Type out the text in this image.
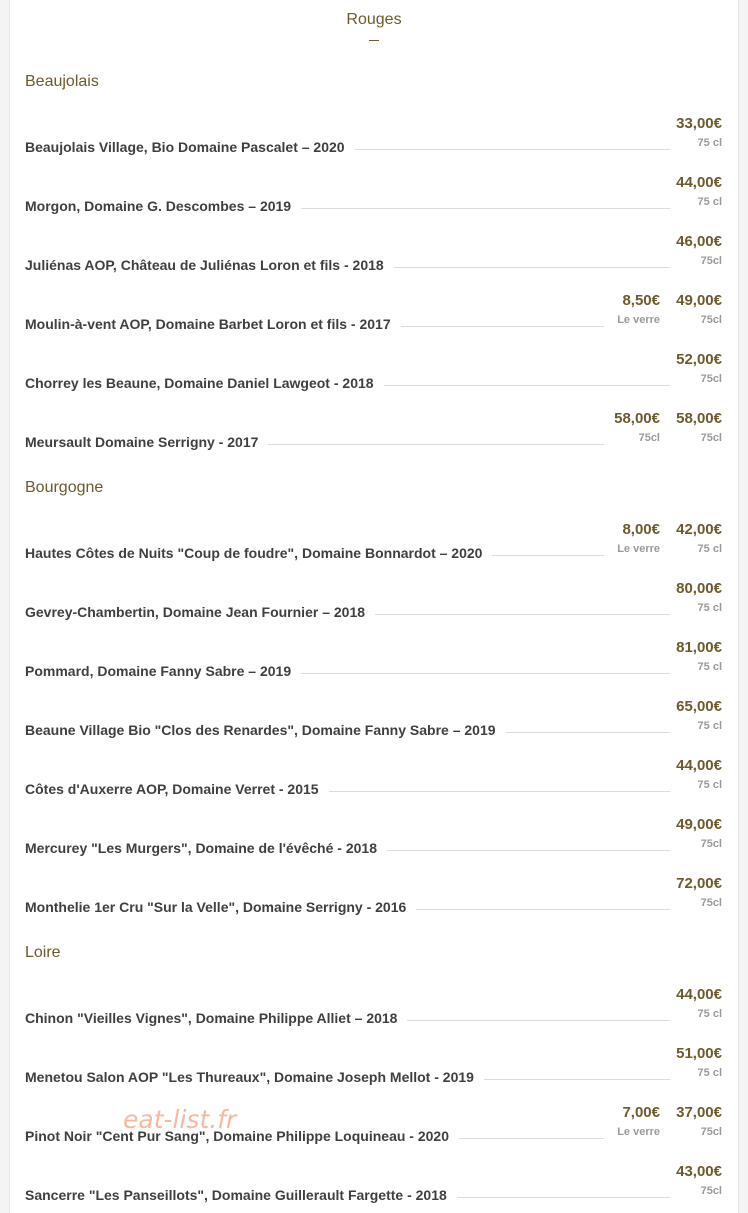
Rouges
Beaujolais
Beaujolais Village, Bio Domaine Pascalet – 2020
33,00€
75 cl
Morgon, Domaine G. Descombes – 2019
44,00€
75 cl
Juliénas AOP, Château de Juliénas Loron et fils - 2018
46,00€
75cl
Moulin-à-vent AOP, Domaine Barbet Loron et fils - 2017
8,50€
Le verre
49,00€
75cl
Chorrey les Beaune, Domaine Daniel Lawgeot - 2018
52,00€
75cl
Meursault Domaine Serrigny - 2017
58,00€
75cl
58,00€
75cl
Bourgogne
Hautes Côtes de Nuits "Coup de foudre", Domaine Bonnardot – 2020
8,00€
Le verre
42,00€
75 cl
Gevrey-Chambertin, Domaine Jean Fournier – 2018
80,00€
75 cl
Pommard, Domaine Fanny Sabre – 2019
81,00€
75 cl
Beaune Village Bio "Clos des Renardes", Domaine Fanny Sabre – 2019
65,00€
75 cl
Côtes d'Auxerre AOP, Domaine Verret - 2015
44,00€
75 cl
Mercurey "Les Murgers", Domaine de l'évêché - 2018
49,00€
75cl
Monthelie 1er Cru "Sur la Velle", Domaine Serrigny - 2016
72,00€
75cl
Loire
Chinon "Vieilles Vignes", Domaine Philippe Alliet – 2018
44,00€
75 cl
Menetou Salon AOP "Les Thureaux", Domaine Joseph Mellot - 2019
51,00€
75 cl
Pinot Noir "Cent Pur Sang", Domaine Philippe Loquineau - 2020
7,00€
Le verre
37,00€
75cl
Sancerre "Les Panseillots", Domaine Guillerault Fargette - 2018
43,00€
75cl
eat-list.fr
